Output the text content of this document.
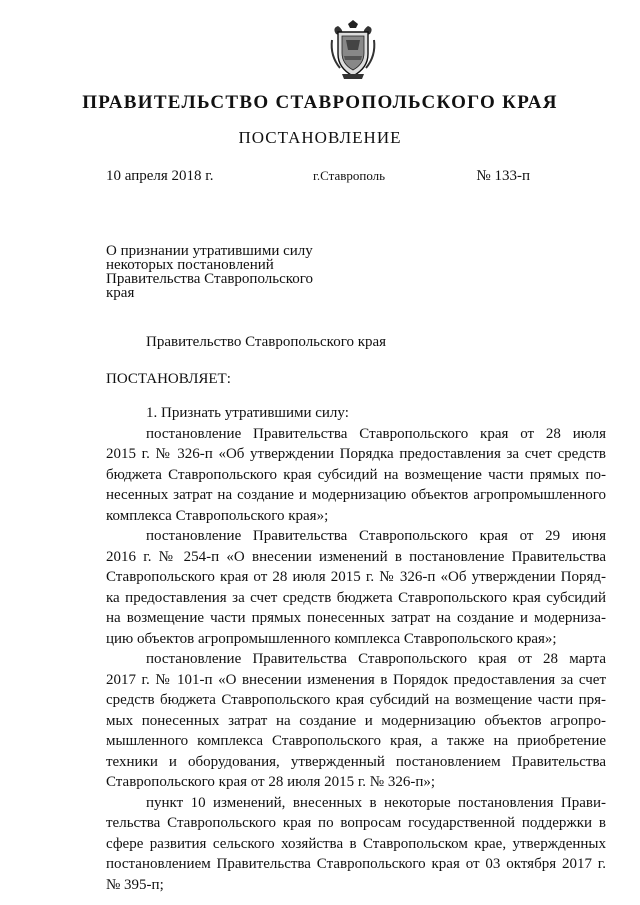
ПРАВИТЕЛЬСТВО СТАВРОПОЛЬСКОГО КРАЯ
ПОСТАНОВЛЕНИЕ
10 апреля 2018 г.	г.Ставрополь	№ 133-п
О признании утратившими силу
некоторых постановлений
Правительства Ставропольского
края
Правительство Ставропольского края
ПОСТАНОВЛЯЕТ:
1. Признать утратившими силу:
постановление Правительства Ставропольского края от 28 июля
2015 г. № 326-п «Об утверждении Порядка предоставления за счет средств
бюджета Ставропольского края субсидий на возмещение части прямых по-
несенных затрат на создание и модернизацию объектов агропромышленного
комплекса Ставропольского края»;
постановление Правительства Ставропольского края от 29 июня
2016 г. № 254-п «О внесении изменений в постановление Правительства
Ставропольского края от 28 июля 2015 г. № 326-п «Об утверждении Поряд-
ка предоставления за счет средств бюджета Ставропольского края субсидий
на возмещение части прямых понесенных затрат на создание и модерниза-
цию объектов агропромышленного комплекса Ставропольского края»;
постановление Правительства Ставропольского края от 28 марта
2017 г. № 101-п «О внесении изменения в Порядок предоставления за счет
средств бюджета Ставропольского края субсидий на возмещение части пря-
мых понесенных затрат на создание и модернизацию объектов агропро-
мышленного комплекса Ставропольского края, а также на приобретение
техники и оборудования, утвержденный постановлением Правительства
Ставропольского края от 28 июля 2015 г. № 326-п»;
пункт 10 изменений, внесенных в некоторые постановления Прави-
тельства Ставропольского края по вопросам государственной поддержки в
сфере развития сельского хозяйства в Ставропольском крае, утвержденных
постановлением Правительства Ставропольского края от 03 октября 2017 г.
№ 395-п;
